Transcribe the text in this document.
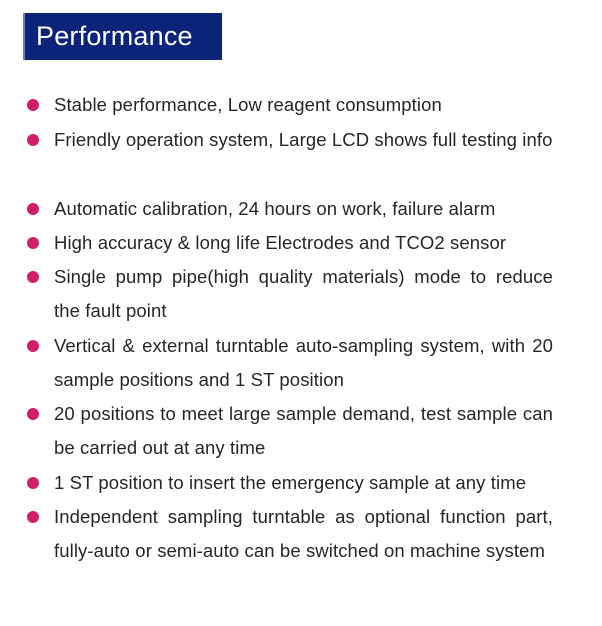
Performance
Stable performance, Low reagent consumption
Friendly operation system, Large LCD shows full testing info
Automatic calibration, 24 hours on work, failure alarm
High accuracy & long life Electrodes and TCO2 sensor
Single pump pipe(high quality materials) mode to reduce the fault point
Vertical & external turntable auto-sampling system, with 20 sample positions and 1 ST position
20 positions to meet large sample demand, test sample can be carried out at any time
1 ST position to insert the emergency sample at any time
Independent sampling turntable as optional function part, fully-auto or semi-auto can be switched on machine system
